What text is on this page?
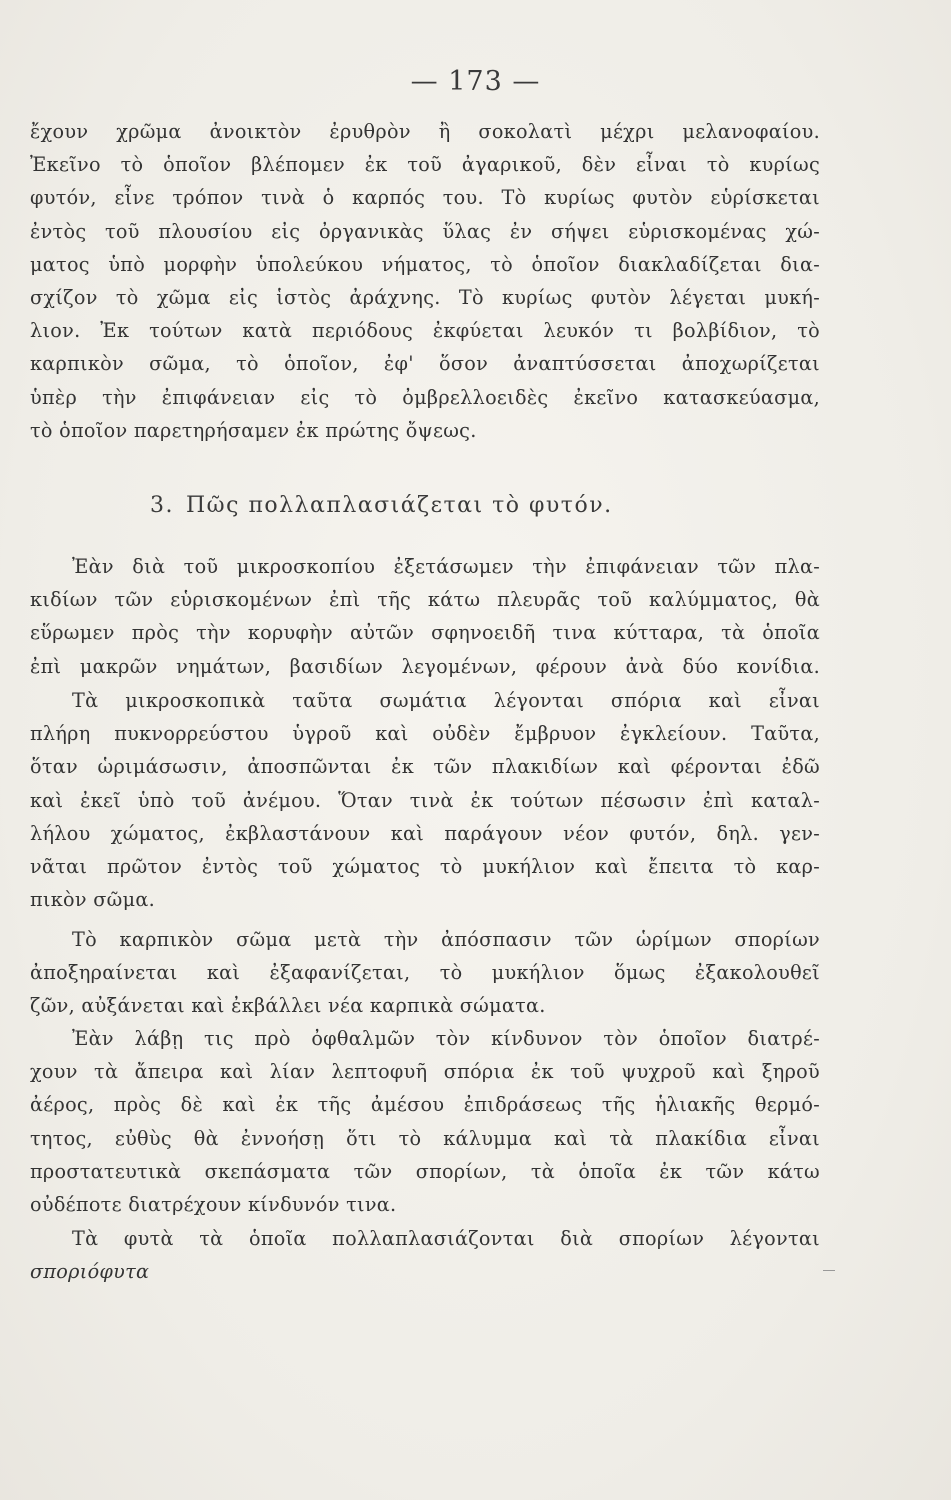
— 173 —
ἔχουν χρῶμα ἀνοικτὸν ἐρυθρὸν ἢ σοκολατὶ μέχρι μελανοφαίου.
Ἐκεῖνο τὸ ὁποῖον βλέπομεν ἐκ τοῦ ἀγαρικοῦ, δὲν εἶναι τὸ κυρίως
φυτόν, εἶνε τρόπον τινὰ ὁ καρπός του. Τὸ κυρίως φυτὸν εὑρίσκεται
ἐντὸς τοῦ πλουσίου εἰς ὀργανικὰς ὕλας ἐν σήψει εὑρισκομένας χώ-
ματος ὑπὸ μορφὴν ὑπολεύκου νήματος, τὸ ὁποῖον διακλαδίζεται δια-
σχίζον τὸ χῶμα εἰς ἱστὸς ἀράχνης. Τὸ κυρίως φυτὸν λέγεται μυκή-
λιον. Ἐκ τούτων κατὰ περιόδους ἐκφύεται λευκόν τι βολβίδιον, τὸ
καρπικὸν σῶμα, τὸ ὁποῖον, ἐφ' ὅσον ἀναπτύσσεται ἀποχωρίζεται
ὑπὲρ τὴν ἐπιφάνειαν εἰς τὸ ὀμβρελλοειδὲς ἐκεῖνο κατασκεύασμα,
τὸ ὁποῖον παρετηρήσαμεν ἐκ πρώτης ὄψεως.
3. Πῶς πολλαπλασιάζεται τὸ φυτόν.
Ἐὰν διὰ τοῦ μικροσκοπίου ἐξετάσωμεν τὴν ἐπιφάνειαν τῶν πλα-
κιδίων τῶν εὑρισκομένων ἐπὶ τῆς κάτω πλευρᾶς τοῦ καλύμματος, θὰ
εὕρωμεν πρὸς τὴν κορυφὴν αὐτῶν σφηνοειδῆ τινα κύτταρα, τὰ ὁποῖα
ἐπὶ μακρῶν νημάτων, βασιδίων λεγομένων, φέρουν ἀνὰ δύο κονίδια.
Τὰ μικροσκοπικὰ ταῦτα σωμάτια λέγονται σπόρια καὶ εἶναι
πλήρη πυκνορρεύστου ὑγροῦ καὶ οὐδὲν ἔμβρυον ἐγκλείουν. Ταῦτα,
ὅταν ὡριμάσωσιν, ἀποσπῶνται ἐκ τῶν πλακιδίων καὶ φέρονται ἐδῶ
καὶ ἐκεῖ ὑπὸ τοῦ ἀνέμου. Ὅταν τινὰ ἐκ τούτων πέσωσιν ἐπὶ καταλ-
λήλου χώματος, ἐκβλαστάνουν καὶ παράγουν νέον φυτόν, δηλ. γεν-
νᾶται πρῶτον ἐντὸς τοῦ χώματος τὸ μυκήλιον καὶ ἔπειτα τὸ καρ-
πικὸν σῶμα.
Τὸ καρπικὸν σῶμα μετὰ τὴν ἀπόσπασιν τῶν ὡρίμων σπορίων
ἀποξηραίνεται καὶ ἐξαφανίζεται, τὸ μυκήλιον ὅμως ἐξακολουθεῖ
ζῶν, αὐξάνεται καὶ ἐκβάλλει νέα καρπικὰ σώματα.
Ἐὰν λάβῃ τις πρὸ ὀφθαλμῶν τὸν κίνδυνον τὸν ὁποῖον διατρέ-
χουν τὰ ἄπειρα καὶ λίαν λεπτοφυῆ σπόρια ἐκ τοῦ ψυχροῦ καὶ ξηροῦ
ἀέρος, πρὸς δὲ καὶ ἐκ τῆς ἀμέσου ἐπιδράσεως τῆς ἡλιακῆς θερμό-
τητος, εὐθὺς θὰ ἐννοήσῃ ὅτι τὸ κάλυμμα καὶ τὰ πλακίδια εἶναι
προστατευτικὰ σκεπάσματα τῶν σπορίων, τὰ ὁποῖα ἐκ τῶν κάτω
οὐδέποτε διατρέχουν κίνδυνόν τινα.
Τὰ φυτὰ τὰ ὁποῖα πολλαπλασιάζονται διὰ σπορίων λέγονται
σποριόφυτα
